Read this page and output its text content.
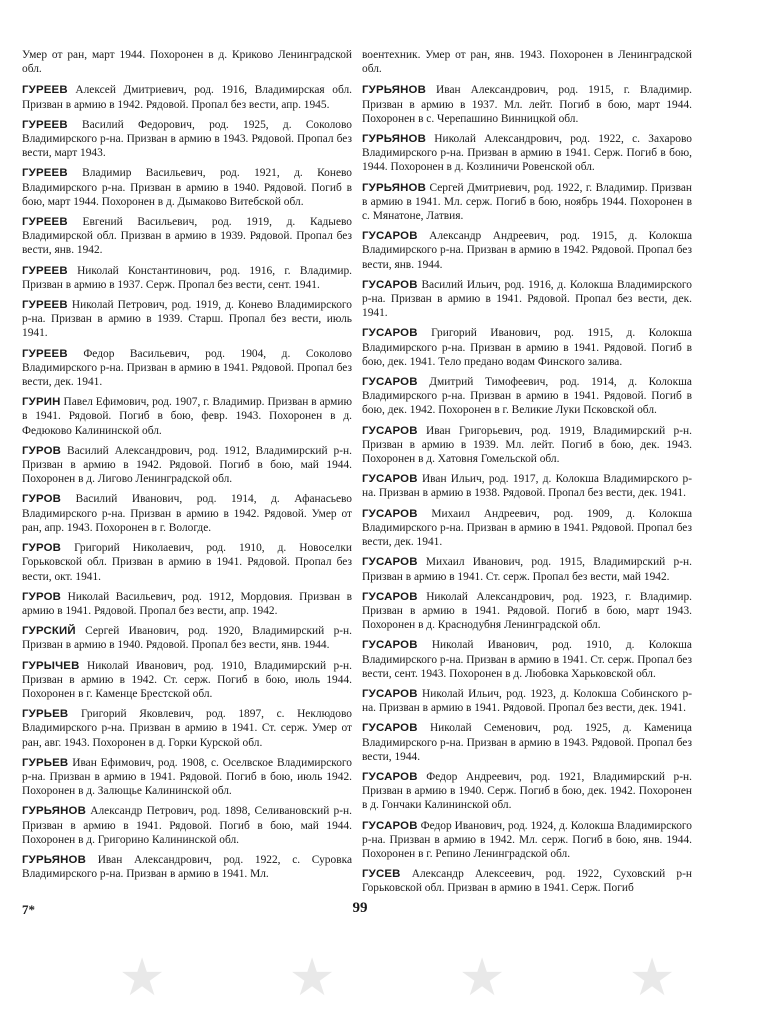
Умер от ран, март 1944. Похоронен в д. Криково Ленинградской обл.

ГУРЕЕВ Алексей Дмитриевич, род. 1916, Владимирская обл. Призван в армию в 1942. Рядовой. Пропал без вести, апр. 1945.

ГУРЕЕВ Василий Федорович, род. 1925, д. Соколово Владимирского р-на. Призван в армию в 1943. Рядовой. Пропал без вести, март 1943.

ГУРЕЕВ Владимир Васильевич, род. 1921, д. Конево Владимирского р-на. Призван в армию в 1940. Рядовой. Погиб в бою, март 1944. Похоронен в д. Дымаково Витебской обл.

ГУРЕЕВ Евгений Васильевич, род. 1919, д. Кадыево Владимирской обл. Призван в армию в 1939. Рядовой. Пропал без вести, янв. 1942.

ГУРЕЕВ Николай Константинович, род. 1916, г. Владимир. Призван в армию в 1937. Серж. Пропал без вести, сент. 1941.

ГУРЕЕВ Николай Петрович, род. 1919, д. Конево Владимирского р-на. Призван в армию в 1939. Старш. Пропал без вести, июль 1941.

ГУРЕЕВ Федор Васильевич, род. 1904, д. Соколово Владимирского р-на. Призван в армию в 1941. Рядовой. Пропал без вести, дек. 1941.

ГУРИН Павел Ефимович, род. 1907, г. Владимир. Призван в армию в 1941. Рядовой. Погиб в бою, февр. 1943. Похоронен в д. Федюково Калининской обл.

ГУРОВ Василий Александрович, род. 1912, Владимирский р-н. Призван в армию в 1942. Рядовой. Погиб в бою, май 1944. Похоронен в д. Лигово Ленинградской обл.

ГУРОВ Василий Иванович, род. 1914, д. Афанасьево Владимирского р-на. Призван в армию в 1942. Рядовой. Умер от ран, апр. 1943. Похоронен в г. Вологде.

ГУРОВ Григорий Николаевич, род. 1910, д. Новоселки Горьковской обл. Призван в армию в 1941. Рядовой. Пропал без вести, окт. 1941.

ГУРОВ Николай Васильевич, род. 1912, Мордовия. Призван в армию в 1941. Рядовой. Пропал без вести, апр. 1942.

ГУРСКИЙ Сергей Иванович, род. 1920, Владимирский р-н. Призван в армию в 1940. Рядовой. Пропал без вести, янв. 1944.

ГУРЫЧЕВ Николай Иванович, род. 1910, Владимирский р-н. Призван в армию в 1942. Ст. серж. Погиб в бою, июль 1944. Похоронен в г. Каменце Брестской обл.

ГУРЬЕВ Григорий Яковлевич, род. 1897, с. Неклюдово Владимирского р-на. Призван в армию в 1941. Ст. серж. Умер от ран, авг. 1943. Похоронен в д. Горки Курской обл.

ГУРЬЕВ Иван Ефимович, род. 1908, с. Оселвское Владимирского р-на. Призван в армию в 1941. Рядовой. Погиб в бою, июль 1942. Похоронен в д. Залющье Калининской обл.

ГУРЬЯНОВ Александр Петрович, род. 1898, Селивановский р-н. Призван в армию в 1941. Рядовой. Погиб в бою, май 1944. Похоронен в д. Григорино Калининской обл.

ГУРЬЯНОВ Иван Александрович, род. 1922, с. Суровка Владимирского р-на. Призван в армию в 1941. Мл.

воентехник. Умер от ран, янв. 1943. Похоронен в Ленинградской обл.

ГУРЬЯНОВ Иван Александрович, род. 1915, г. Владимир. Призван в армию в 1937. Мл. лейт. Погиб в бою, март 1944. Похоронен в с. Черепашино Винницкой обл.

ГУРЬЯНОВ Николай Александрович, род. 1922, с. Захарово Владимирского р-на. Призван в армию в 1941. Серж. Погиб в бою, 1944. Похоронен в д. Козлиничи Ровенской обл.

ГУРЬЯНОВ Сергей Дмитриевич, род. 1922, г. Владимир. Призван в армию в 1941. Мл. серж. Погиб в бою, ноябрь 1944. Похоронен в с. Мянатоне, Латвия.

ГУСАРОВ Александр Андреевич, род. 1915, д. Колокша Владимирского р-на. Призван в армию в 1942. Рядовой. Пропал без вести, янв. 1944.

ГУСАРОВ Василий Ильич, род. 1916, д. Колокша Владимирского р-на. Призван в армию в 1941. Рядовой. Пропал без вести, дек. 1941.

ГУСАРОВ Григорий Иванович, род. 1915, д. Колокша Владимирского р-на. Призван в армию в 1941. Рядовой. Погиб в бою, дек. 1941. Тело предано водам Финского залива.

ГУСАРОВ Дмитрий Тимофеевич, род. 1914, д. Колокша Владимирского р-на. Призван в армию в 1941. Рядовой. Погиб в бою, дек. 1942. Похоронен в г. Великие Луки Псковской обл.

ГУСАРОВ Иван Григорьевич, род. 1919, Владимирский р-н. Призван в армию в 1939. Мл. лейт. Погиб в бою, дек. 1943. Похоронен в д. Хатовня Гомельской обл.

ГУСАРОВ Иван Ильич, род. 1917, д. Колокша Владимирского р-на. Призван в армию в 1938. Рядовой. Пропал без вести, дек. 1941.

ГУСАРОВ Михаил Андреевич, род. 1909, д. Колокша Владимирского р-на. Призван в армию в 1941. Рядовой. Пропал без вести, дек. 1941.

ГУСАРОВ Михаил Иванович, род. 1915, Владимирский р-н. Призван в армию в 1941. Ст. серж. Пропал без вести, май 1942.

ГУСАРОВ Николай Александрович, род. 1923, г. Владимир. Призван в армию в 1941. Рядовой. Погиб в бою, март 1943. Похоронен в д. Краснодубня Ленинградской обл.

ГУСАРОВ Николай Иванович, род. 1910, д. Колокша Владимирского р-на. Призван в армию в 1941. Ст. серж. Пропал без вести, сент. 1943. Похоронен в д. Любовка Харьковской обл.

ГУСАРОВ Николай Ильич, род. 1923, д. Колокша Собинского р-на. Призван в армию в 1941. Рядовой. Пропал без вести, дек. 1941.

ГУСАРОВ Николай Семенович, род. 1925, д. Каменица Владимирского р-на. Призван в армию в 1943. Рядовой. Пропал без вести, 1944.

ГУСАРОВ Федор Андреевич, род. 1921, Владимирский р-н. Призван в армию в 1940. Серж. Погиб в бою, дек. 1942. Похоронен в д. Гончаки Калининской обл.

ГУСАРОВ Федор Иванович, род. 1924, д. Колокша Владимирского р-на. Призван в армию в 1942. Мл. серж. Погиб в бою, янв. 1944. Похоронен в г. Репино Ленинградской обл.

ГУСЕВ Александр Алексеевич, род. 1922, Суховский р-н Горьковской обл. Призван в армию в 1941. Серж. Погиб

7*	99
★ ★ ★ ★
